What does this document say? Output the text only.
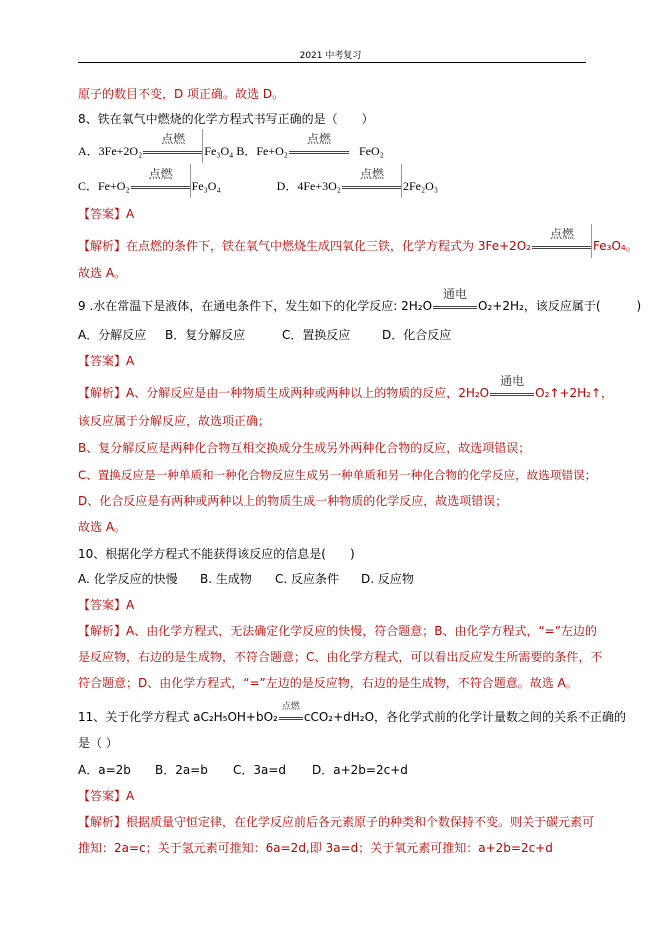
2021 中考复习
原子的数目不变，D 项正确。故选 D。
8、铁在氧气中燃烧的化学方程式书写正确的是（　　）
A．3Fe+2O₂
点燃
Fe₃O₄ B．Fe+O₂
点燃
FeO₂
C．Fe+O₂
点燃
Fe₃O₄	D．4Fe+3O₂
点燃
2Fe₂O₃
【答案】A
【解析】在点燃的条件下，铁在氧气中燃烧生成四氧化三铁，化学方程式为 3Fe+2O₂
点燃
Fe₃O₄。
故选 A。
9 .水在常温下是液体，在通电条件下，发生如下的化学反应: 2H₂O
通电
O₂+2H₂，该反应属于(　　　)
A．分解反应 B．复分解反应	C．置换反应	D．化合反应
【答案】A
【解析】A、分解反应是由一种物质生成两种或两种以上的物质的反应，2H₂O
通电
O₂↑+2H₂↑，
该反应属于分解反应，故选项正确；
B、复分解反应是两种化合物互相交换成分生成另外两种化合物的反应，故选项错误；
C、置换反应是一种单质和一种化合物反应生成另一种单质和另一种化合物的化学反应，故选项错误；
D、化合反应是有两种或两种以上的物质生成一种物质的化学反应，故选项错误；
故选 A。
10、根据化学方程式不能获得该反应的信息是(　　)
A. 化学反应的快慢 B. 生成物 C. 反应条件 D. 反应物
【答案】A
【解析】A、由化学方程式，无法确定化学反应的快慢，符合题意；B、由化学方程式，“=”左边的
是反应物，右边的是生成物，不符合题意；C、由化学方程式，可以看出反应发生所需要的条件，不
符合题意；D、由化学方程式，“=”左边的是反应物，右边的是生成物，不符合题意。故选 A。
11、关于化学方程式 aC₂H₅OH+bO₂
点燃
cCO₂+dH₂O，各化学式前的化学计量数之间的关系不正确的
是（ ）
A．a=2b B．2a=b C．3a=d D．a+2b=2c+d
【答案】A
【解析】根据质量守恒定律，在化学反应前后各元素原子的种类和个数保持不变。则关于碳元素可
推知：2a=c；关于氢元素可推知：6a=2d,即 3a=d；关于氧元素可推知：a+2b=2c+d
